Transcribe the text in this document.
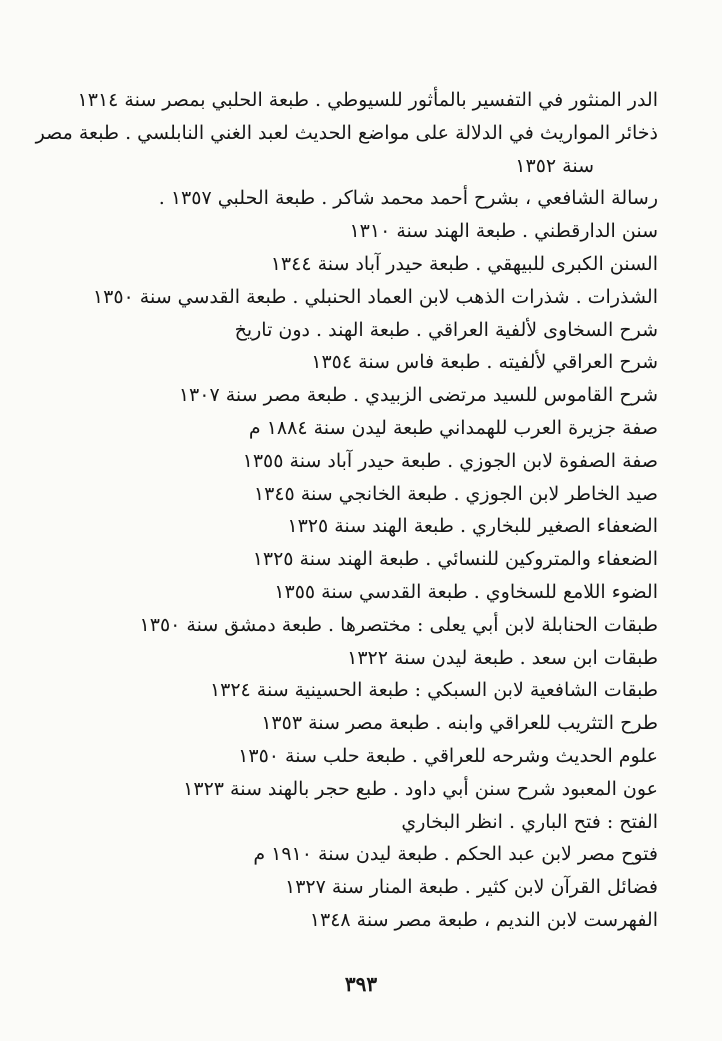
الدر المنثور في التفسير بالمأثور للسيوطي . طبعة الحلبي بمصر سنة ١٣١٤
ذخائر المواريث في الدلالة على مواضع الحديث لعبد الغني النابلسي . طبعة مصر
سنة ١٣٥٢
رسالة الشافعي ، بشرح أحمد محمد شاكر . طبعة الحلبي ١٣٥٧ .
سنن الدارقطني . طبعة الهند سنة ١٣١٠
السنن الكبرى للبيهقي . طبعة حيدر آباد سنة ١٣٤٤
الشذرات . شذرات الذهب لابن العماد الحنبلي . طبعة القدسي سنة ١٣٥٠
شرح السخاوى لألفية العراقي . طبعة الهند . دون تاريخ
شرح العراقي لألفيته . طبعة فاس سنة ١٣٥٤
شرح القاموس للسيد مرتضى الزبيدي . طبعة مصر سنة ١٣٠٧
صفة جزيرة العرب للهمداني طبعة ليدن سنة ١٨٨٤ م
صفة الصفوة لابن الجوزي . طبعة حيدر آباد سنة ١٣٥٥
صيد الخاطر لابن الجوزي . طبعة الخانجي سنة ١٣٤٥
الضعفاء الصغير للبخاري . طبعة الهند سنة ١٣٢٥
الضعفاء والمتروكين للنسائي . طبعة الهند سنة ١٣٢٥
الضوء اللامع للسخاوي . طبعة القدسي سنة ١٣٥٥
طبقات الحنابلة لابن أبي يعلى : مختصرها . طبعة دمشق سنة ١٣٥٠
طبقات ابن سعد . طبعة ليدن سنة ١٣٢٢
طبقات الشافعية لابن السبكي : طبعة الحسينية سنة ١٣٢٤
طرح التثريب للعراقي وابنه . طبعة مصر سنة ١٣٥٣
علوم الحديث وشرحه للعراقي . طبعة حلب سنة ١٣٥٠
عون المعبود شرح سنن أبي داود . طبع حجر بالهند سنة ١٣٢٣
الفتح : فتح الباري . انظر البخاري
فتوح مصر لابن عبد الحكم . طبعة ليدن سنة ١٩١٠ م
فضائل القرآن لابن كثير . طبعة المنار سنة ١٣٢٧
الفهرست لابن النديم ، طبعة مصر سنة ١٣٤٨
٣٩٣
